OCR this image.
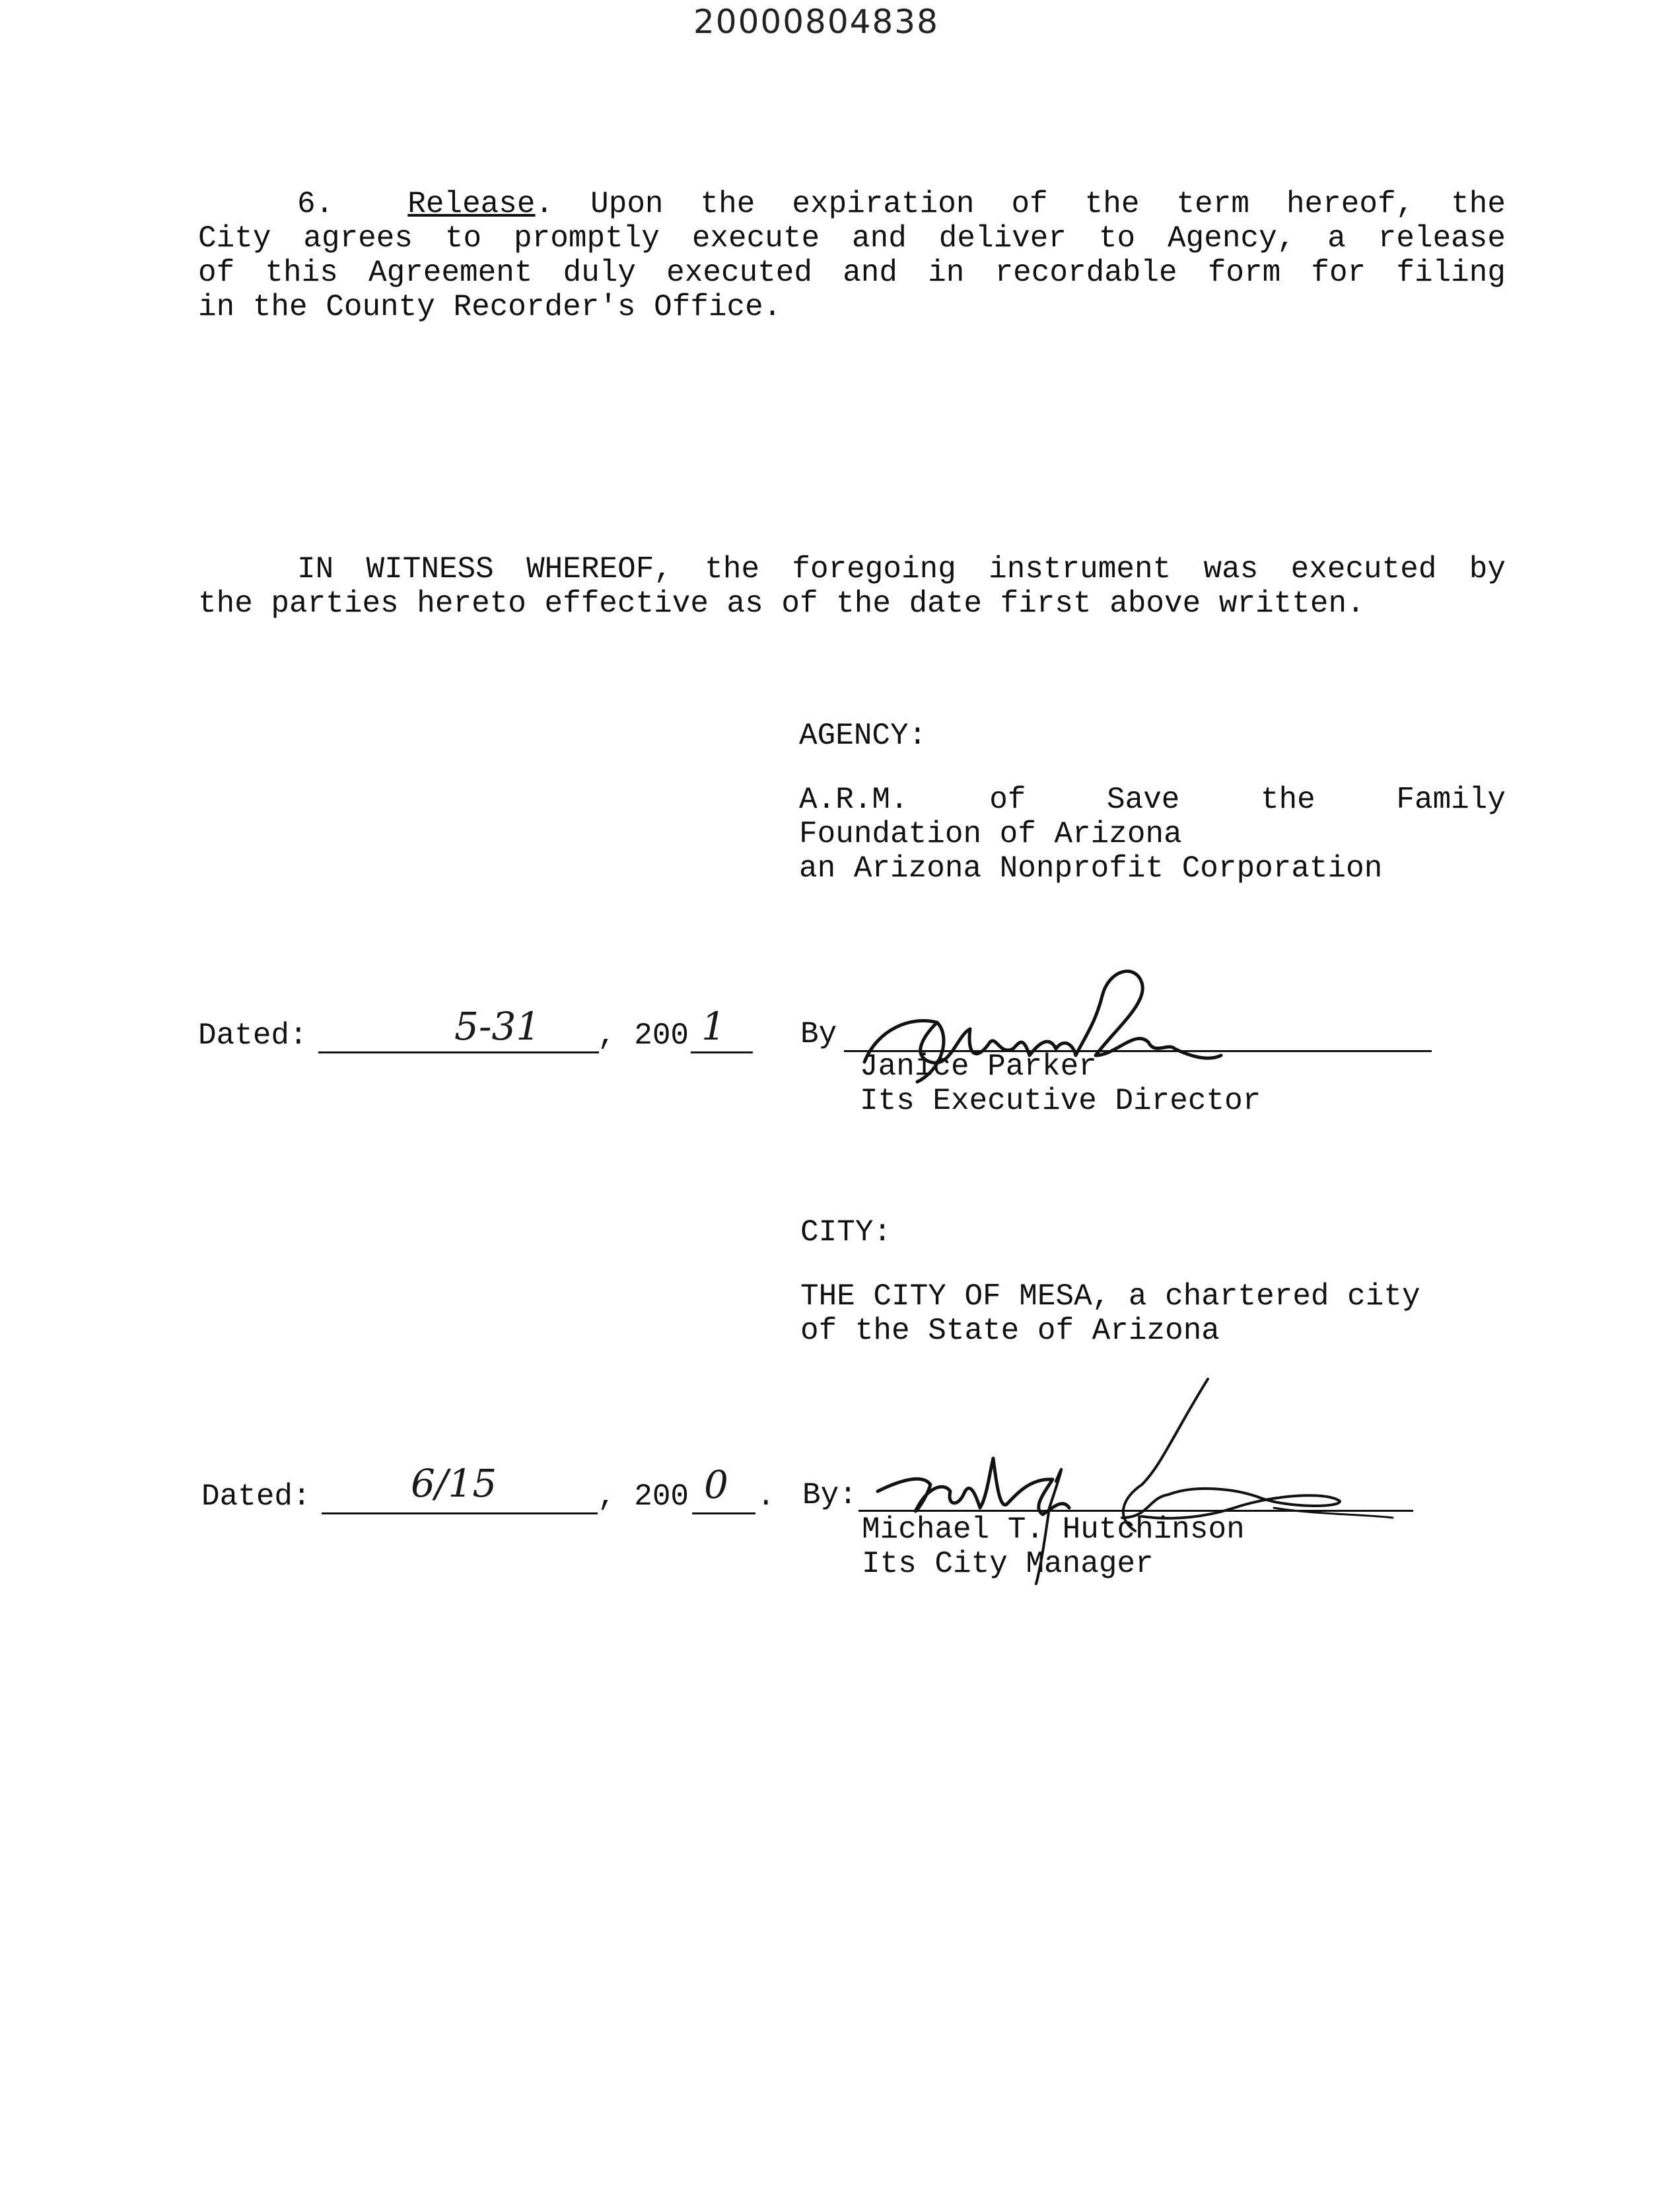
20000804838
6. Release. Upon the expiration of the term hereof, the
City agrees to promptly execute and deliver to Agency, a release
of this Agreement duly executed and in recordable form for filing
in the County Recorder's Office.
IN WITNESS WHEREOF, the foregoing instrument was executed by
the parties hereto effective as of the date first above written.
AGENCY:
A.R.M. of Save the Family
Foundation of Arizona
an Arizona Nonprofit Corporation
Dated:	5-31 , 200 1 By

Janice Parker
Its Executive Director
CITY:
THE CITY OF MESA, a chartered city
of the State of Arizona
Dated:	6/15	, 200 0 . By:

Michael T. Hutchinson
Its City Manager
